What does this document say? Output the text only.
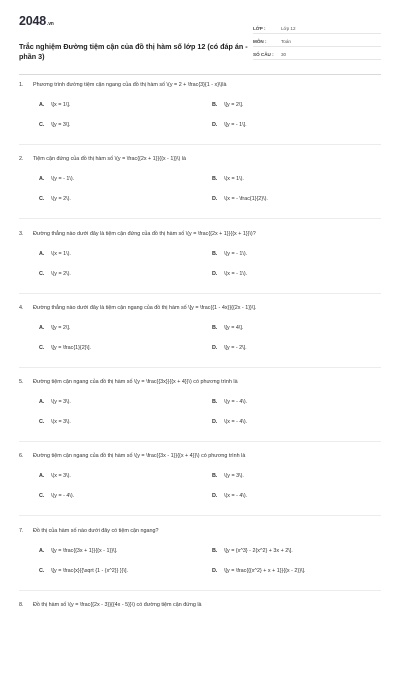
2048.vn
Trắc nghiệm Đường tiệm cận của đồ thị hàm số lớp 12 (có đáp án - phần 3)
LỚP :	Lớp 12
MÔN :	Toán
SỐ CÂU :	30
1. Phương trình đường tiệm cận ngang của đồ thị hàm số \(y = 2 + \frac{3}{1 - x}\)là
A. \[x = 1\].	B. \[y = 2\].
C. \[y = 3\].	D. \[y = - 1\].
2. Tiệm cận đứng của đồ thị hàm số \(y = \frac{{2x + 1}}{{x - 1}}\) là
A. \(y = - 1\).	B. \(x = 1\).
C. \(y = 2\).	D. \(x = - \frac{1}{2}\).
3. Đường thẳng nào dưới đây là tiệm cận đứng của đồ thị hàm số \(y = \frac{{2x + 1}}{{x + 1}}\)?
A. \(x = 1\).	B. \(y = - 1\).
C. \(y = 2\).	D. \(x = - 1\).
4. Đường thẳng nào dưới đây là tiệm cận ngang của đồ thị hàm số \[y = \frac{{1 - 4x}}{{2x - 1}}\].
A. \[y = 2\].	B. \[y = 4\].
C. \[y = \frac{1}{2}\].	D. \[y = - 2\].
5. Đường tiệm cận ngang của đồ thị hàm số \(y = \frac{{3x}}{{x + 4}}\) có phương trình là
A. \(y = 3\).	B. \(y = - 4\).
C. \(x = 3\).	D. \(x = - 4\).
6. Đường tiệm cận ngang của đồ thị hàm số \(y = \frac{{3x - 1}}{{x + 4}}\) có phương trình là
A. \(x = 3\).	B. \(y = 3\).
C. \(y = - 4\).	D. \(x = - 4\).
7. Đồ thị của hàm số nào dưới đây có tiệm cận ngang?
A. \[y = \frac{{3x + 1}}{{x - 1}}\].	B. \[y = {x^3} - 2{x^2} + 3x + 2\].
C. \[y = \frac{x}{{\sqrt {1 - {x^2}} }}\].	D. \[y = \frac{{{x^2} + x + 1}}{{x - 2}}\].
8. Đồ thị hàm số \(y = \frac{{2x - 3}}{{4x - 5}}\) có đường tiệm cận đứng là
